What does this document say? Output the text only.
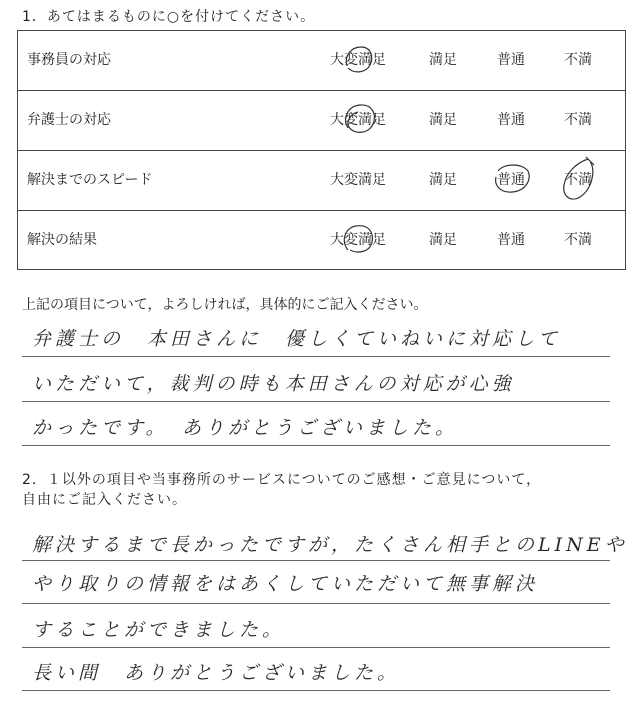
1．あてはまるものに○を付けてください。
事務員の対応	大変満足	満足	普通	不満
弁護士の対応	大変満足	満足	普通	不満
解決までのスピード	大変満足	満足	普通	不満
解決の結果	大変満足	満足	普通	不満
上記の項目について，よろしければ，具体的にご記入ください。
弁護士の　本田さんに　優しくていねいに対応して
いただいて，裁判の時も本田さんの対応が心強
かったです。　ありがとうございました。
2．１以外の項目や当事務所のサービスについてのご感想・ご意見について，
自由にご記入ください。
解決するまで長かったですが，たくさん相手とのLINEや
やり取りの情報をはあくしていただいて無事解決
することができました。
長い間　ありがとうございました。
